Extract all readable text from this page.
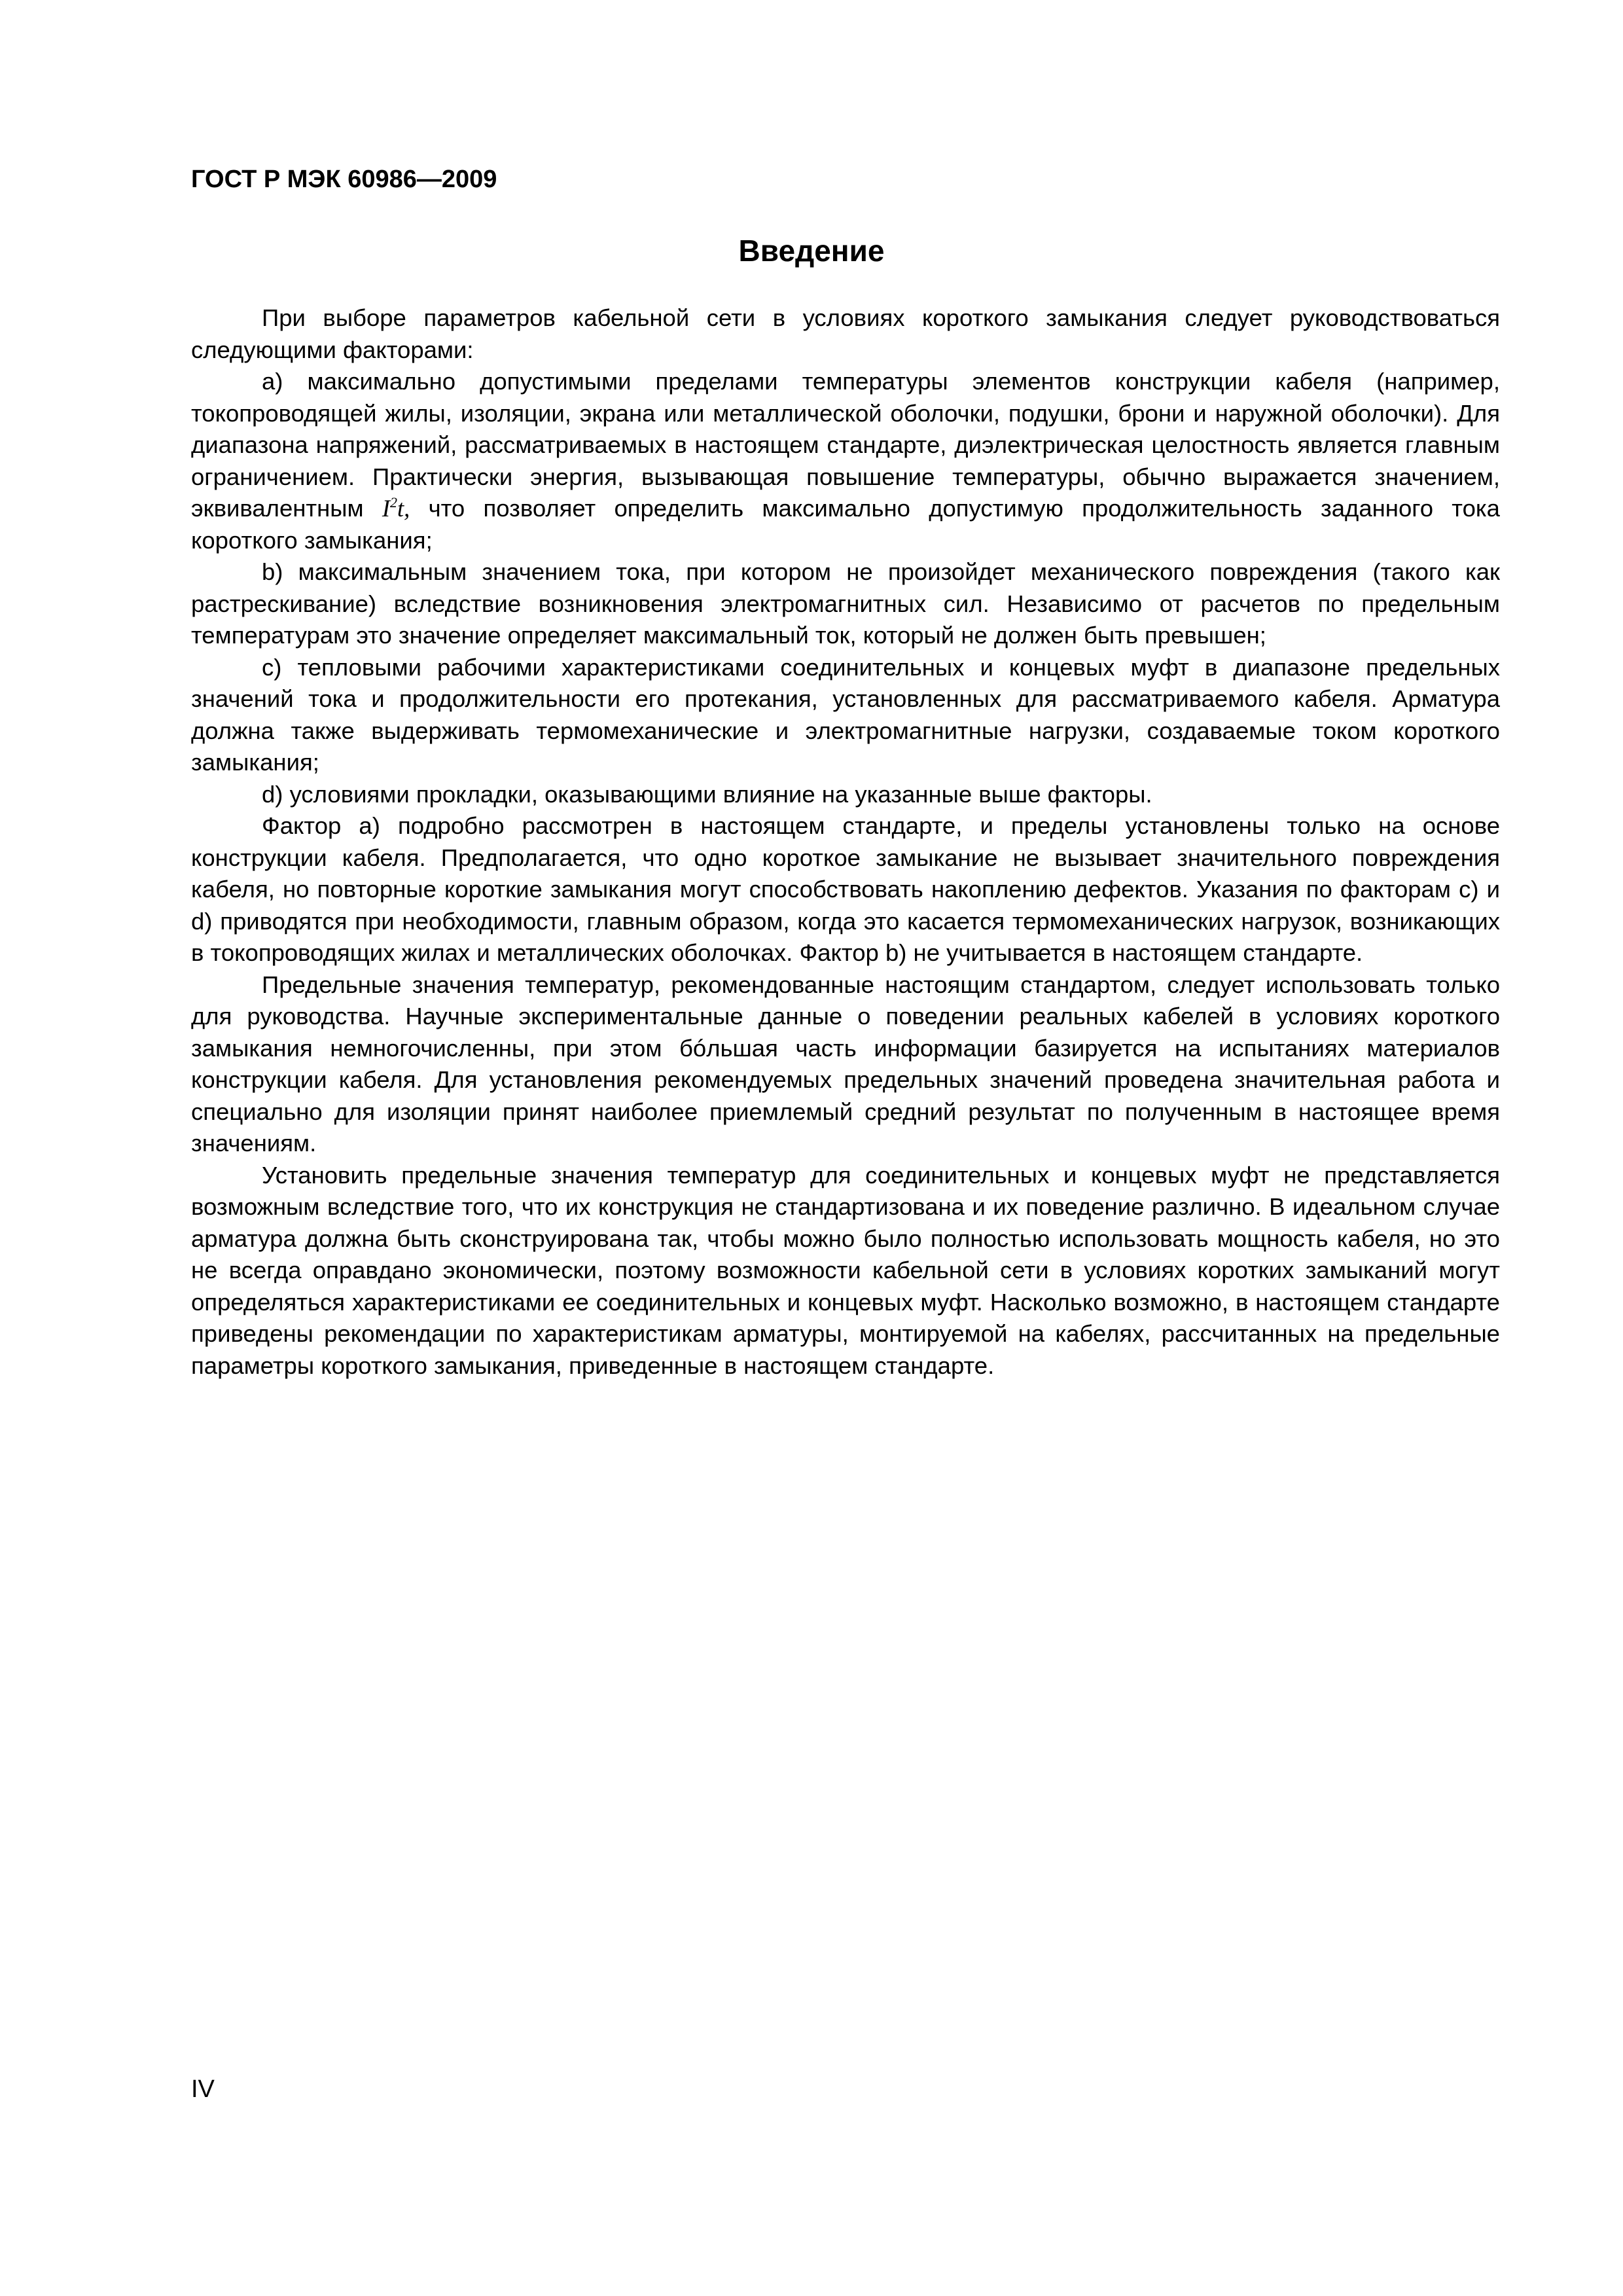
ГОСТ Р МЭК 60986—2009
Введение

При выборе параметров кабельной сети в условиях короткого замыкания следует руководствоваться следующими факторами:

a) максимально допустимыми пределами температуры элементов конструкции кабеля (например, токопроводящей жилы, изоляции, экрана или металлической оболочки, подушки, брони и наружной оболочки). Для диапазона напряжений, рассматриваемых в настоящем стандарте, диэлектрическая целостность является главным ограничением. Практически энергия, вызывающая повышение температуры, обычно выражается значением, эквивалентным $I^2t$, что позволяет определить максимально допустимую продолжительность заданного тока короткого замыкания;

b) максимальным значением тока, при котором не произойдет механического повреждения (такого как растрескивание) вследствие возникновения электромагнитных сил. Независимо от расчетов по предельным температурам это значение определяет максимальный ток, который не должен быть превышен;

c) тепловыми рабочими характеристиками соединительных и концевых муфт в диапазоне предельных значений тока и продолжительности его протекания, установленных для рассматриваемого кабеля. Арматура должна также выдерживать термомеханические и электромагнитные нагрузки, создаваемые током короткого замыкания;

d) условиями прокладки, оказывающими влияние на указанные выше факторы.

Фактор a) подробно рассмотрен в настоящем стандарте, и пределы установлены только на основе конструкции кабеля. Предполагается, что одно короткое замыкание не вызывает значительного повреждения кабеля, но повторные короткие замыкания могут способствовать накоплению дефектов. Указания по факторам c) и d) приводятся при необходимости, главным образом, когда это касается термомеханических нагрузок, возникающих в токопроводящих жилах и металлических оболочках. Фактор b) не учитывается в настоящем стандарте.

Предельные значения температур, рекомендованные настоящим стандартом, следует использовать только для руководства. Научные экспериментальные данные о поведении реальных кабелей в условиях короткого замыкания немногочисленны, при этом бóльшая часть информации базируется на испытаниях материалов конструкции кабеля. Для установления рекомендуемых предельных значений проведена значительная работа и специально для изоляции принят наиболее приемлемый средний результат по полученным в настоящее время значениям.

Установить предельные значения температур для соединительных и концевых муфт не представляется возможным вследствие того, что их конструкция не стандартизована и их поведение различно. В идеальном случае арматура должна быть сконструирована так, чтобы можно было полностью использовать мощность кабеля, но это не всегда оправдано экономически, поэтому возможности кабельной сети в условиях коротких замыканий могут определяться характеристиками ее соединительных и концевых муфт. Насколько возможно, в настоящем стандарте приведены рекомендации по характеристикам арматуры, монтируемой на кабелях, рассчитанных на предельные параметры короткого замыкания, приведенные в настоящем стандарте.

IV
